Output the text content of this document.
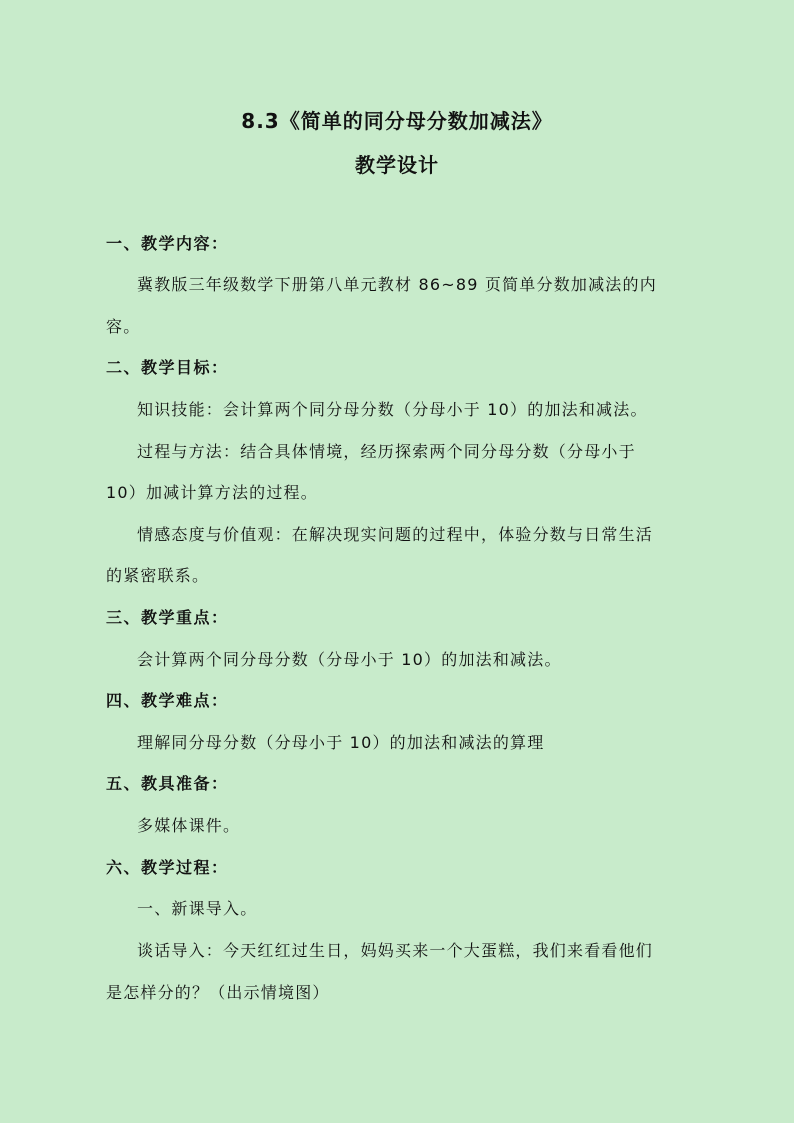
8.3《简单的同分母分数加减法》
教学设计
一、教学内容：
冀教版三年级数学下册第八单元教材 86~89 页简单分数加减法的内
容。
二、教学目标：
知识技能：会计算两个同分母分数（分母小于 10）的加法和减法。
过程与方法：结合具体情境，经历探索两个同分母分数（分母小于
10）加减计算方法的过程。
情感态度与价值观：在解决现实问题的过程中，体验分数与日常生活
的紧密联系。
三、教学重点：
会计算两个同分母分数（分母小于 10）的加法和减法。
四、教学难点：
理解同分母分数（分母小于 10）的加法和减法的算理
五、教具准备：
多媒体课件。
六、教学过程：
一、新课导入。
谈话导入：今天红红过生日，妈妈买来一个大蛋糕，我们来看看他们
是怎样分的？（出示情境图）
